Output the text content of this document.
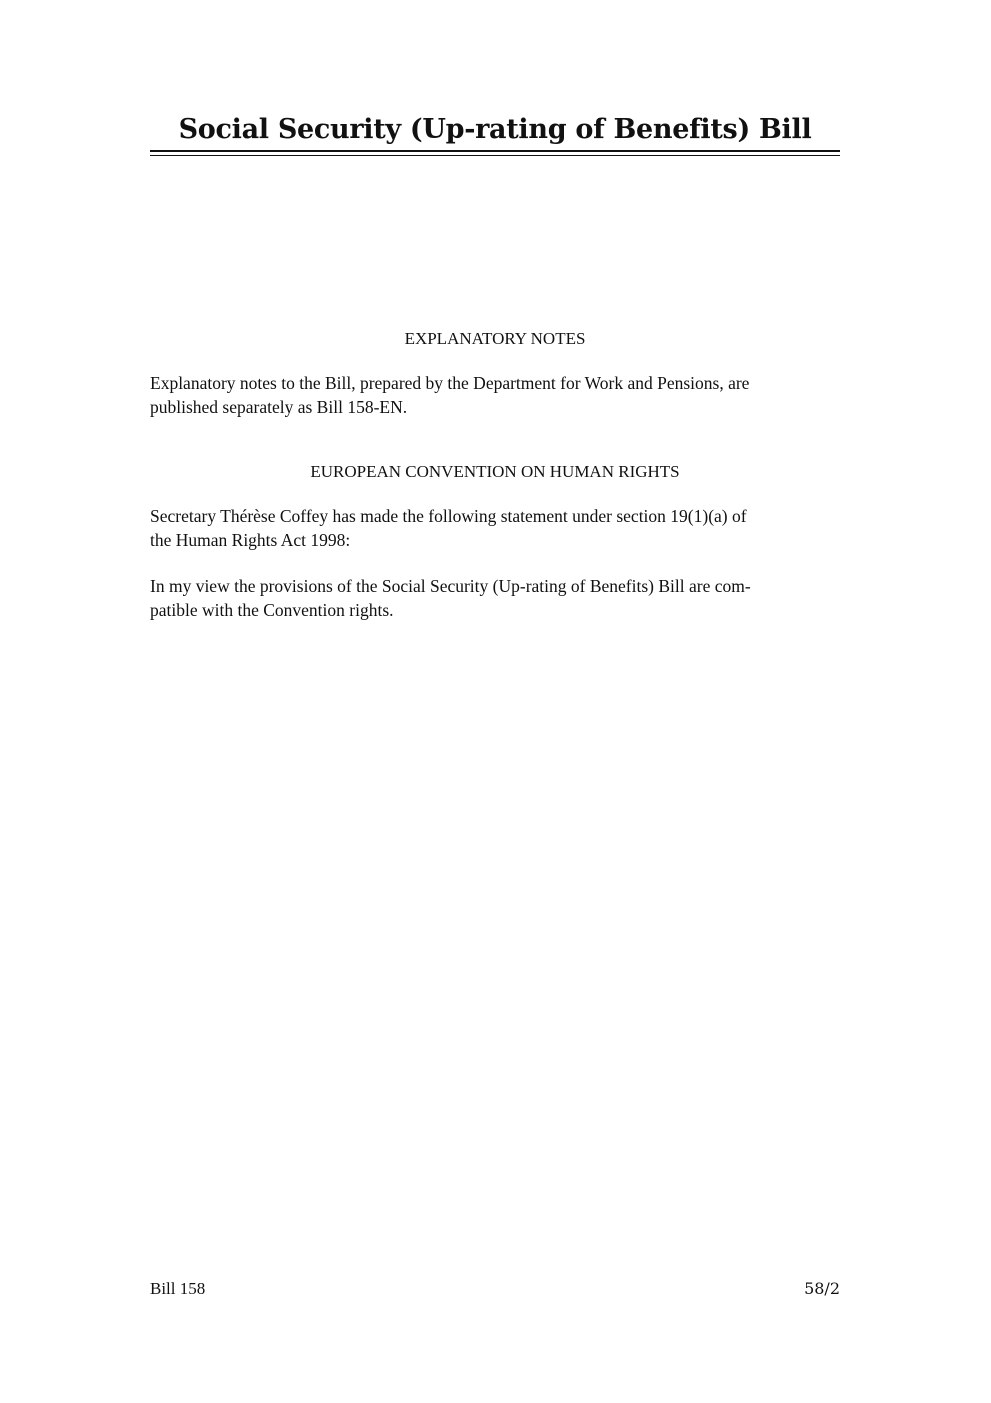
Social Security (Up-rating of Benefits) Bill

EXPLANATORY NOTES

Explanatory notes to the Bill, prepared by the Department for Work and Pensions, are
published separately as Bill 158-EN.

EUROPEAN CONVENTION ON HUMAN RIGHTS

Secretary Thérèse Coffey has made the following statement under section 19(1)(a) of
the Human Rights Act 1998:

In my view the provisions of the Social Security (Up-rating of Benefits) Bill are com-
patible with the Convention rights.

Bill 158	58/2
